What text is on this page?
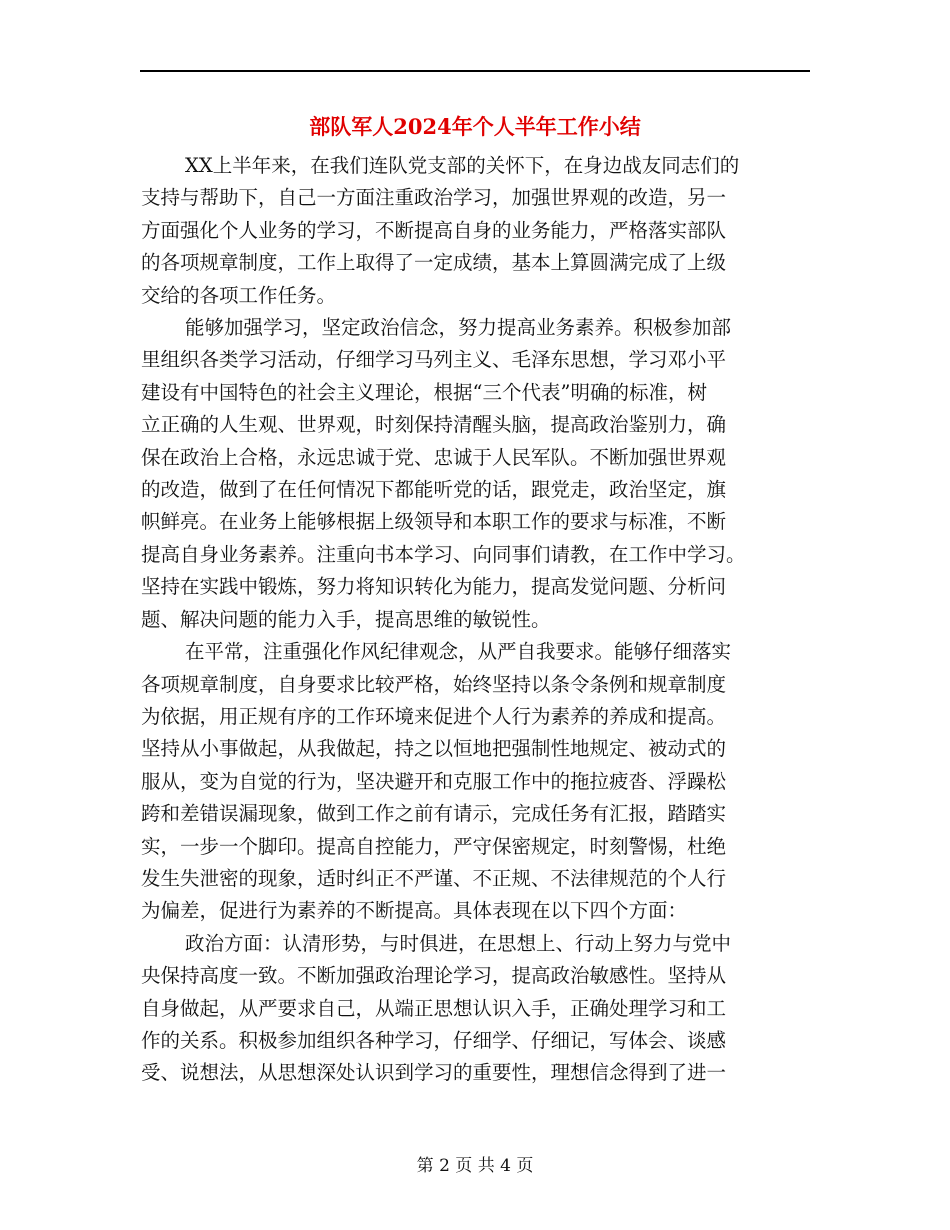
部队军人2024年个人半年工作小结

XX上半年来，在我们连队党支部的关怀下，在身边战友同志们的

支持与帮助下，自己一方面注重政治学习，加强世界观的改造，另一

方面强化个人业务的学习，不断提高自身的业务能力，严格落实部队

的各项规章制度，工作上取得了一定成绩，基本上算圆满完成了上级

交给的各项工作任务。

能够加强学习，坚定政治信念，努力提高业务素养。积极参加部

里组织各类学习活动，仔细学习马列主义、毛泽东思想，学习邓小平

建设有中国特色的社会主义理论，根据“三个代表”明确的标准，树

立正确的人生观、世界观，时刻保持清醒头脑，提高政治鉴别力，确

保在政治上合格，永远忠诚于党、忠诚于人民军队。不断加强世界观

的改造，做到了在任何情况下都能听党的话，跟党走，政治坚定，旗

帜鲜亮。在业务上能够根据上级领导和本职工作的要求与标准，不断

提高自身业务素养。注重向书本学习、向同事们请教，在工作中学习。

坚持在实践中锻炼，努力将知识转化为能力，提高发觉问题、分析问

题、解决问题的能力入手，提高思维的敏锐性。

在平常，注重强化作风纪律观念，从严自我要求。能够仔细落实

各项规章制度，自身要求比较严格，始终坚持以条令条例和规章制度

为依据，用正规有序的工作环境来促进个人行为素养的养成和提高。

坚持从小事做起，从我做起，持之以恒地把强制性地规定、被动式的

服从，变为自觉的行为，坚决避开和克服工作中的拖拉疲沓、浮躁松

跨和差错误漏现象，做到工作之前有请示，完成任务有汇报，踏踏实

实，一步一个脚印。提高自控能力，严守保密规定，时刻警惕，杜绝

发生失泄密的现象，适时纠正不严谨、不正规、不法律规范的个人行

为偏差，促进行为素养的不断提高。具体表现在以下四个方面：

政治方面：认清形势，与时俱进，在思想上、行动上努力与党中

央保持高度一致。不断加强政治理论学习，提高政治敏感性。坚持从

自身做起，从严要求自己，从端正思想认识入手，正确处理学习和工

作的关系。积极参加组织各种学习，仔细学、仔细记，写体会、谈感

受、说想法，从思想深处认识到学习的重要性，理想信念得到了进一

第 2 页 共 4 页
